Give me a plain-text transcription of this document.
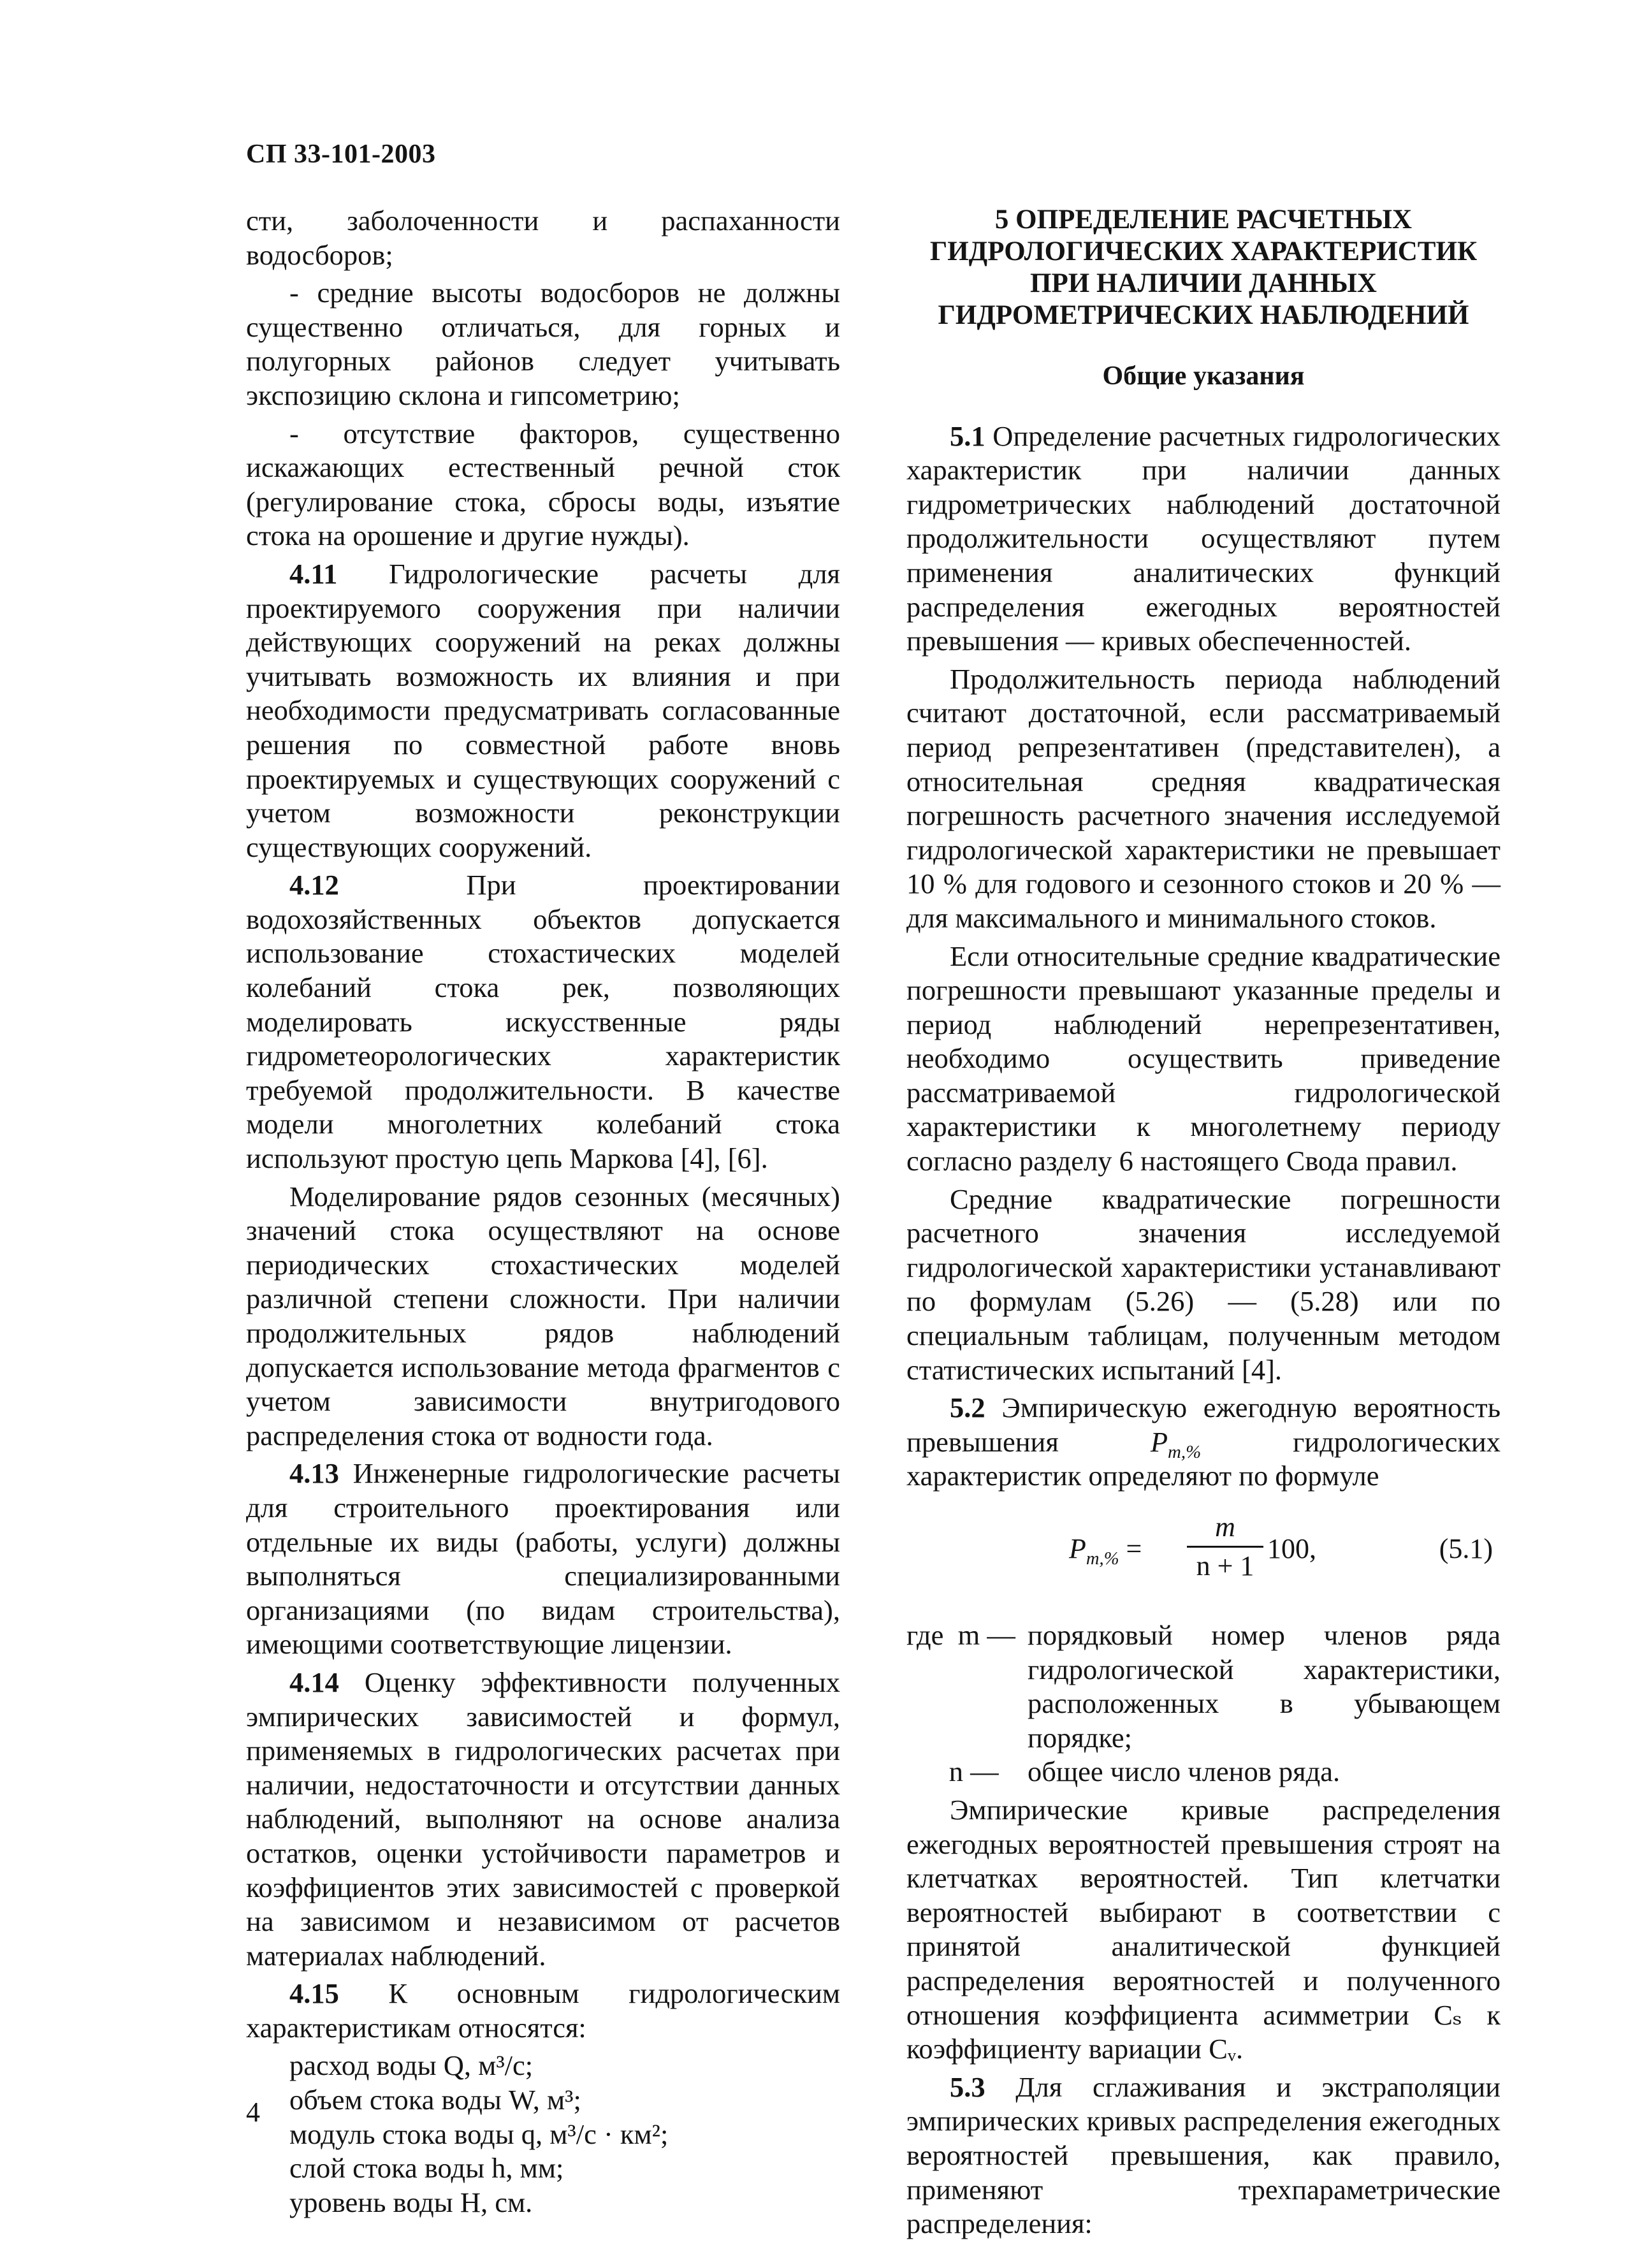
СП 33-101-2003

сти, заболоченности и распаханности водосборов;

- средние высоты водосборов не должны существенно отличаться, для горных и полугорных районов следует учитывать экспозицию склона и гипсометрию;

- отсутствие факторов, существенно искажающих естественный речной сток (регулирование стока, сбросы воды, изъятие стока на орошение и другие нужды).

4.11 Гидрологические расчеты для проектируемого сооружения при наличии действующих сооружений на реках должны учитывать возможность их влияния и при необходимости предусматривать согласованные решения по совместной работе вновь проектируемых и существующих сооружений с учетом возможности реконструкции существующих сооружений.

4.12 При проектировании водохозяйственных объектов допускается использование стохастических моделей колебаний стока рек, позволяющих моделировать искусственные ряды гидрометеорологических характеристик требуемой продолжительности. В качестве модели многолетних колебаний стока используют простую цепь Маркова [4], [6].

Моделирование рядов сезонных (месячных) значений стока осуществляют на основе периодических стохастических моделей различной степени сложности. При наличии продолжительных рядов наблюдений допускается использование метода фрагментов с учетом зависимости внутригодового распределения стока от водности года.

4.13 Инженерные гидрологические расчеты для строительного проектирования или отдельные их виды (работы, услуги) должны выполняться специализированными организациями (по видам строительства), имеющими соответствующие лицензии.

4.14 Оценку эффективности полученных эмпирических зависимостей и формул, применяемых в гидрологических расчетах при наличии, недостаточности и отсутствии данных наблюдений, выполняют на основе анализа остатков, оценки устойчивости параметров и коэффициентов этих зависимостей с проверкой на зависимом и независимом от расчетов материалах наблюдений.

4.15 К основным гидрологическим характеристикам относятся:

расход воды Q, м³/с;

объем стока воды W, м³;

модуль стока воды q, м³/с · км²;

слой стока воды h, мм;

уровень воды H, см.

5 ОПРЕДЕЛЕНИЕ РАСЧЕТНЫХ ГИДРОЛОГИЧЕСКИХ ХАРАКТЕРИСТИК ПРИ НАЛИЧИИ ДАННЫХ ГИДРОМЕТРИЧЕСКИХ НАБЛЮДЕНИЙ

Общие указания

5.1 Определение расчетных гидрологических характеристик при наличии данных гидрометрических наблюдений достаточной продолжительности осуществляют путем применения аналитических функций распределения ежегодных вероятностей превышения — кривых обеспеченностей.

Продолжительность периода наблюдений считают достаточной, если рассматриваемый период репрезентативен (представителен), а относительная средняя квадратическая погрешность расчетного значения исследуемой гидрологической характеристики не превышает 10 % для годового и сезонного стоков и 20 % — для максимального и минимального стоков.

Если относительные средние квадратические погрешности превышают указанные пределы и период наблюдений нерепрезентативен, необходимо осуществить приведение рассматриваемой гидрологической характеристики к многолетнему периоду согласно разделу 6 настоящего Свода правил.

Средние квадратические погрешности расчетного значения исследуемой гидрологической характеристики устанавливают по формулам (5.26) — (5.28) или по специальным таблицам, полученным методом статистических испытаний [4].

5.2 Эмпирическую ежегодную вероятность превышения $P_{m,\%}$ гидрологических характеристик определяют по формуле

$P_{m,\%} = \frac{m}{n + 1} 100$,	(5.1)
где  m — порядковый номер членов ряда гидрологической характеристики, расположенных в убывающем порядке;
n —	общее число членов ряда.

Эмпирические кривые распределения ежегодных вероятностей превышения строят на клетчатках вероятностей. Тип клетчатки вероятностей выбирают в соответствии с принятой аналитической функцией распределения вероятностей и полученного отношения коэффициента асимметрии Cₛ к коэффициенту вариации Cᵥ.

5.3 Для сглаживания и экстраполяции эмпирических кривых распределения ежегодных вероятностей превышения, как правило, применяют трехпараметрические распределения:

4
